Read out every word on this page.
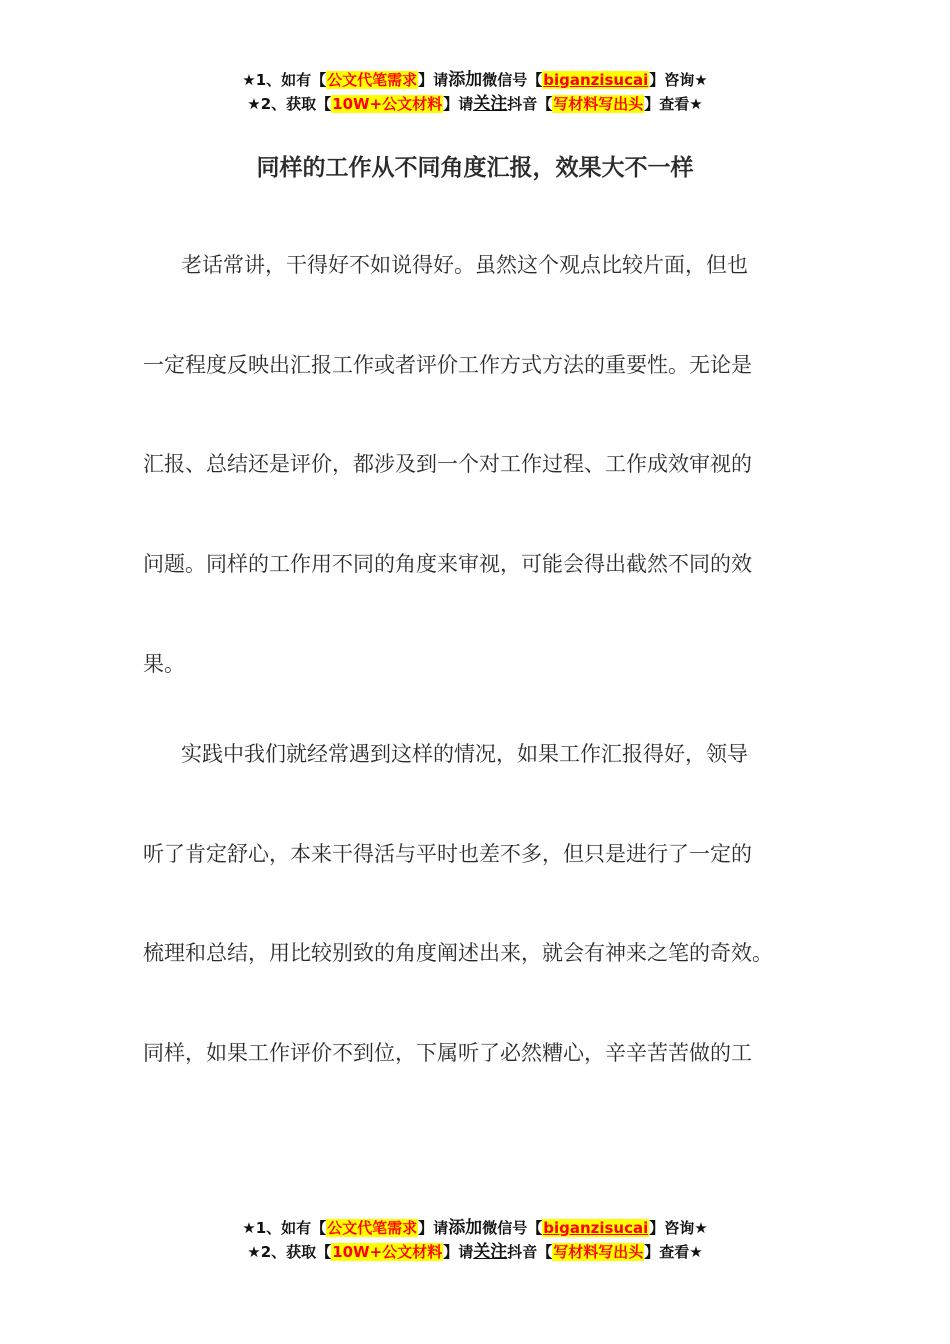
★1、如有【公文代笔需求】请添加微信号【biganzisucai】咨询★
★2、获取【10W+公文材料】请关注抖音【写材料写出头】查看★
同样的工作从不同角度汇报，效果大不一样
老话常讲，干得好不如说得好。虽然这个观点比较片面，但也
一定程度反映出汇报工作或者评价工作方式方法的重要性。无论是
汇报、总结还是评价，都涉及到一个对工作过程、工作成效审视的
问题。同样的工作用不同的角度来审视，可能会得出截然不同的效
果。
实践中我们就经常遇到这样的情况，如果工作汇报得好，领导
听了肯定舒心，本来干得活与平时也差不多，但只是进行了一定的
梳理和总结，用比较别致的角度阐述出来，就会有神来之笔的奇效。
同样，如果工作评价不到位，下属听了必然糟心，辛辛苦苦做的工
★1、如有【公文代笔需求】请添加微信号【biganzisucai】咨询★
★2、获取【10W+公文材料】请关注抖音【写材料写出头】查看★
